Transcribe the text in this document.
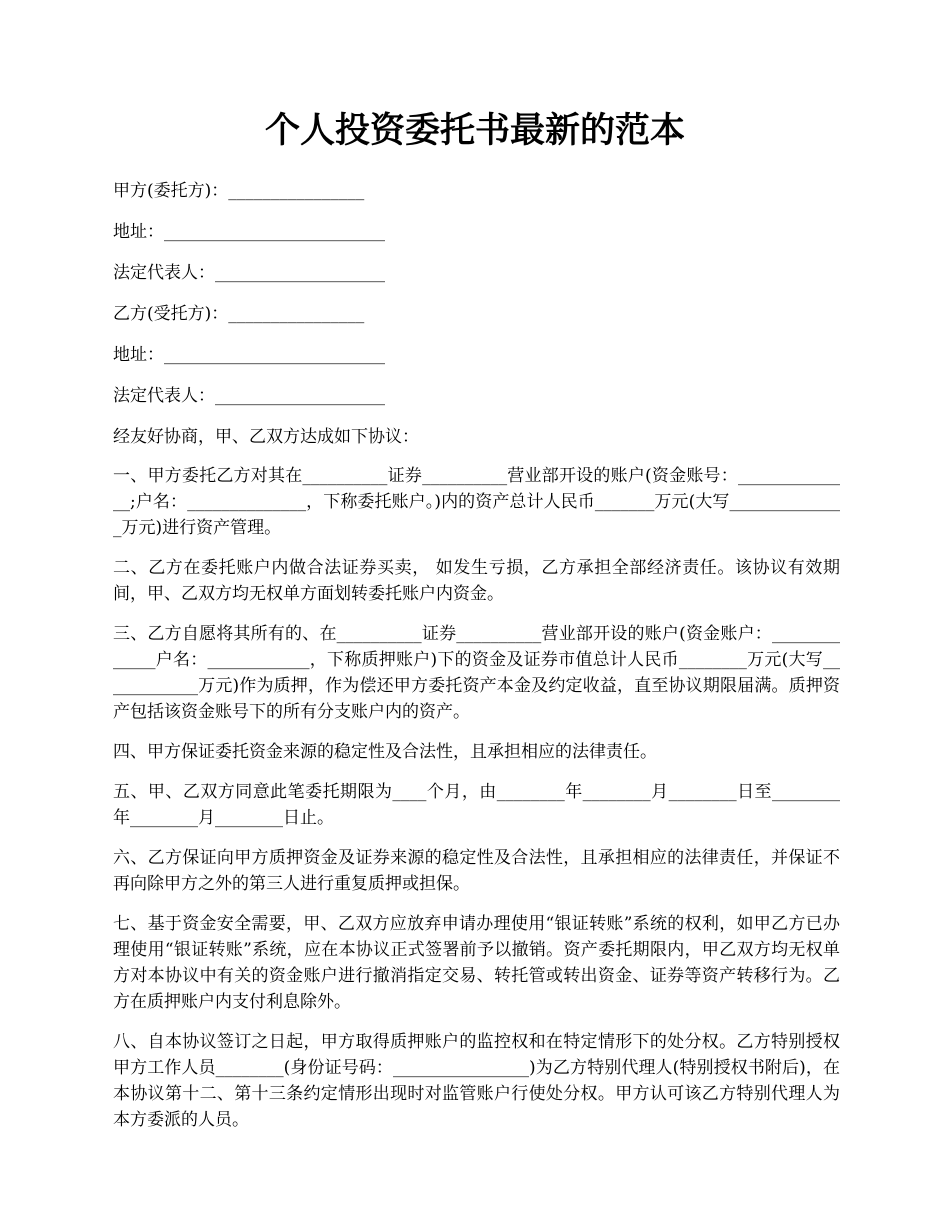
个人投资委托书最新的范本
甲方(委托方)：________________
地址：__________________________
法定代表人：____________________
乙方(受托方)：________________
地址：__________________________
法定代表人：____________________
经友好协商，甲、乙双方达成如下协议：

一、甲方委托乙方对其在__________证券__________营业部开设的账户(资金账号：______________;户名：______________，下称委托账户。)内的资产总计人民币_______万元(大写______________万元)进行资产管理。

二、乙方在委托账户内做合法证券买卖， 如发生亏损，乙方承担全部经济责任。该协议有效期间，甲、乙双方均无权单方面划转委托账户内资金。

三、乙方自愿将其所有的、在__________证券__________营业部开设的账户(资金账户：_____________户名：____________，下称质押账户)下的资金及证券市值总计人民币________万元(大写____________万元)作为质押，作为偿还甲方委托资产本金及约定收益，直至协议期限届满。质押资产包括该资金账号下的所有分支账户内的资产。

四、甲方保证委托资金来源的稳定性及合法性，且承担相应的法律责任。

五、甲、乙双方同意此笔委托期限为____个月，由________年________月________日至________年________月________日止。

六、乙方保证向甲方质押资金及证券来源的稳定性及合法性，且承担相应的法律责任，并保证不再向除甲方之外的第三人进行重复质押或担保。

七、基于资金安全需要，甲、乙双方应放弃申请办理使用“银证转账”系统的权利，如甲乙方已办理使用“银证转账”系统，应在本协议正式签署前予以撤销。资产委托期限内，甲乙双方均无权单方对本协议中有关的资金账户进行撤消指定交易、转托管或转出资金、证券等资产转移行为。乙方在质押账户内支付利息除外。

八、自本协议签订之日起，甲方取得质押账户的监控权和在特定情形下的处分权。乙方特别授权甲方工作人员________(身份证号码：________________)为乙方特别代理人(特别授权书附后)，在本协议第十二、第十三条约定情形出现时对监管账户行使处分权。甲方认可该乙方特别代理人为本方委派的人员。
